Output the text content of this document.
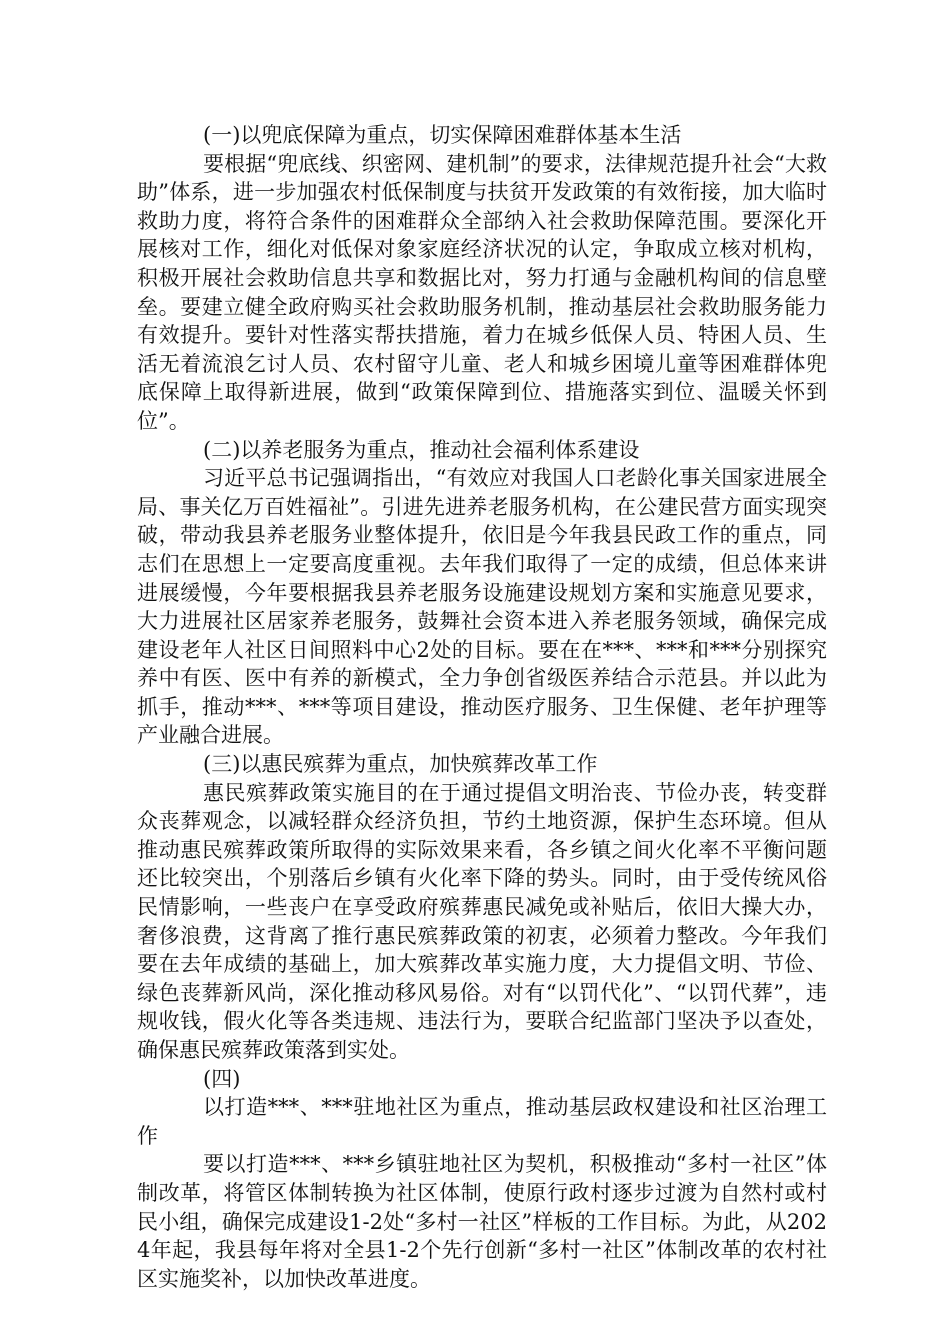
(一)以兜底保障为重点，切实保障困难群体基本生活

要根据“兜底线、织密网、建机制”的要求，法律规范提升社会“大救助”体系，进一步加强农村低保制度与扶贫开发政策的有效衔接，加大临时救助力度，将符合条件的困难群众全部纳入社会救助保障范围。要深化开展核对工作，细化对低保对象家庭经济状况的认定，争取成立核对机构，积极开展社会救助信息共享和数据比对，努力打通与金融机构间的信息壁垒。要建立健全政府购买社会救助服务机制，推动基层社会救助服务能力有效提升。要针对性落实帮扶措施，着力在城乡低保人员、特困人员、生活无着流浪乞讨人员、农村留守儿童、老人和城乡困境儿童等困难群体兜底保障上取得新进展，做到“政策保障到位、措施落实到位、温暖关怀到位”。

(二)以养老服务为重点，推动社会福利体系建设

习近平总书记强调指出，“有效应对我国人口老龄化事关国家进展全局、事关亿万百姓福祉”。引进先进养老服务机构，在公建民营方面实现突破，带动我县养老服务业整体提升，依旧是今年我县民政工作的重点，同志们在思想上一定要高度重视。去年我们取得了一定的成绩，但总体来讲进展缓慢，今年要根据我县养老服务设施建设规划方案和实施意见要求，大力进展社区居家养老服务，鼓舞社会资本进入养老服务领域，确保完成建设老年人社区日间照料中心2处的目标。要在在***、***和***分别探究养中有医、医中有养的新模式，全力争创省级医养结合示范县。并以此为抓手，推动***、***等项目建设，推动医疗服务、卫生保健、老年护理等产业融合进展。

(三)以惠民殡葬为重点，加快殡葬改革工作

惠民殡葬政策实施目的在于通过提倡文明治丧、节俭办丧，转变群众丧葬观念，以减轻群众经济负担，节约土地资源，保护生态环境。但从推动惠民殡葬政策所取得的实际效果来看，各乡镇之间火化率不平衡问题还比较突出，个别落后乡镇有火化率下降的势头。同时，由于受传统风俗民情影响，一些丧户在享受政府殡葬惠民减免或补贴后，依旧大操大办，奢侈浪费，这背离了推行惠民殡葬政策的初衷，必须着力整改。今年我们要在去年成绩的基础上，加大殡葬改革实施力度，大力提倡文明、节俭、绿色丧葬新风尚，深化推动移风易俗。对有“以罚代化”、“以罚代葬”，违规收钱，假火化等各类违规、违法行为，要联合纪监部门坚决予以查处，确保惠民殡葬政策落到实处。

(四)

以打造***、***驻地社区为重点，推动基层政权建设和社区治理工作

要以打造***、***乡镇驻地社区为契机，积极推动“多村一社区”体制改革，将管区体制转换为社区体制，使原行政村逐步过渡为自然村或村民小组，确保完成建设1-2处“多村一社区”样板的工作目标。为此，从2024年起，我县每年将对全县1-2个先行创新“多村一社区”体制改革的农村社区实施奖补，以加快改革进度。
